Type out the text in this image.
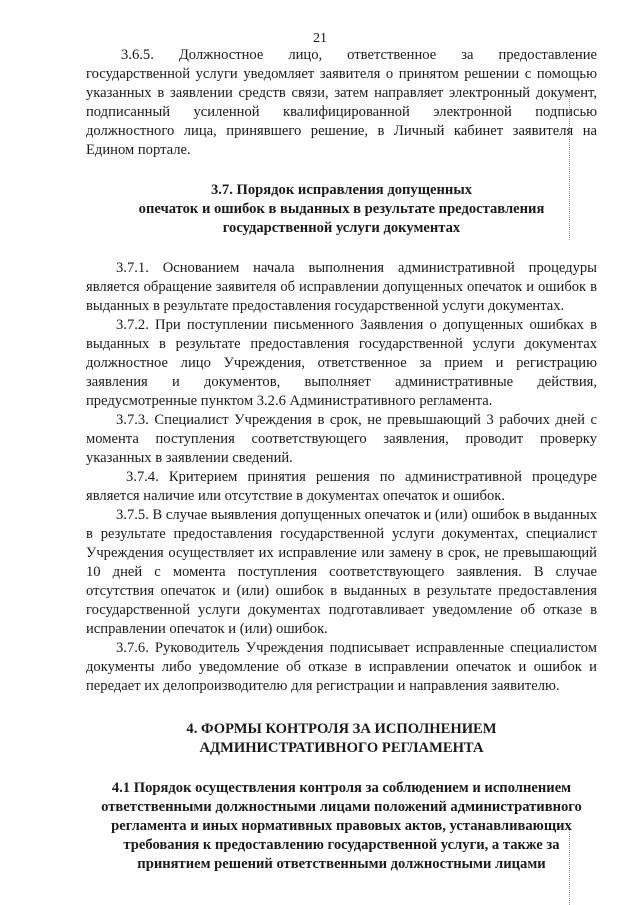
21

3.6.5. Должностное лицо, ответственное за предоставление государственной услуги уведомляет заявителя о принятом решении с помощью указанных в заявлении средств связи, затем направляет электронный документ, подписанный усиленной квалифицированной электронной подписью должностного лица, принявшего решение, в Личный кабинет заявителя на Едином портале.

3.7. Порядок исправления допущенных
опечаток и ошибок в выданных в результате предоставления
государственной услуги документах

3.7.1. Основанием начала выполнения административной процедуры является обращение заявителя об исправлении допущенных опечаток и ошибок в выданных в результате предоставления государственной услуги документах.

3.7.2. При поступлении письменного Заявления о допущенных ошибках в выданных в результате предоставления государственной услуги документах должностное лицо Учреждения, ответственное за прием и регистрацию заявления и документов, выполняет административные действия, предусмотренные пунктом 3.2.6 Административного регламента.

3.7.3. Специалист Учреждения в срок, не превышающий 3 рабочих дней с момента поступления соответствующего заявления, проводит проверку указанных в заявлении сведений.

3.7.4. Критерием принятия решения по административной процедуре является наличие или отсутствие в документах опечаток и ошибок.

3.7.5. В случае выявления допущенных опечаток и (или) ошибок в выданных в результате предоставления государственной услуги документах, специалист Учреждения осуществляет их исправление или замену в срок, не превышающий 10 дней с момента поступления соответствующего заявления. В случае отсутствия опечаток и (или) ошибок в выданных в результате предоставления государственной услуги документах подготавливает уведомление об отказе в исправлении опечаток и (или) ошибок.

3.7.6. Руководитель Учреждения подписывает исправленные специалистом документы либо уведомление об отказе в исправлении опечаток и ошибок и передает их делопроизводителю для регистрации и направления заявителю.

4. ФОРМЫ КОНТРОЛЯ ЗА ИСПОЛНЕНИЕМ
АДМИНИСТРАТИВНОГО РЕГЛАМЕНТА
4.1 Порядок осуществления контроля за соблюдением и исполнением
ответственными должностными лицами положений административного
регламента и иных нормативных правовых актов, устанавливающих
требования к предоставлению государственной услуги, а также за
принятием решений ответственными должностными лицами
